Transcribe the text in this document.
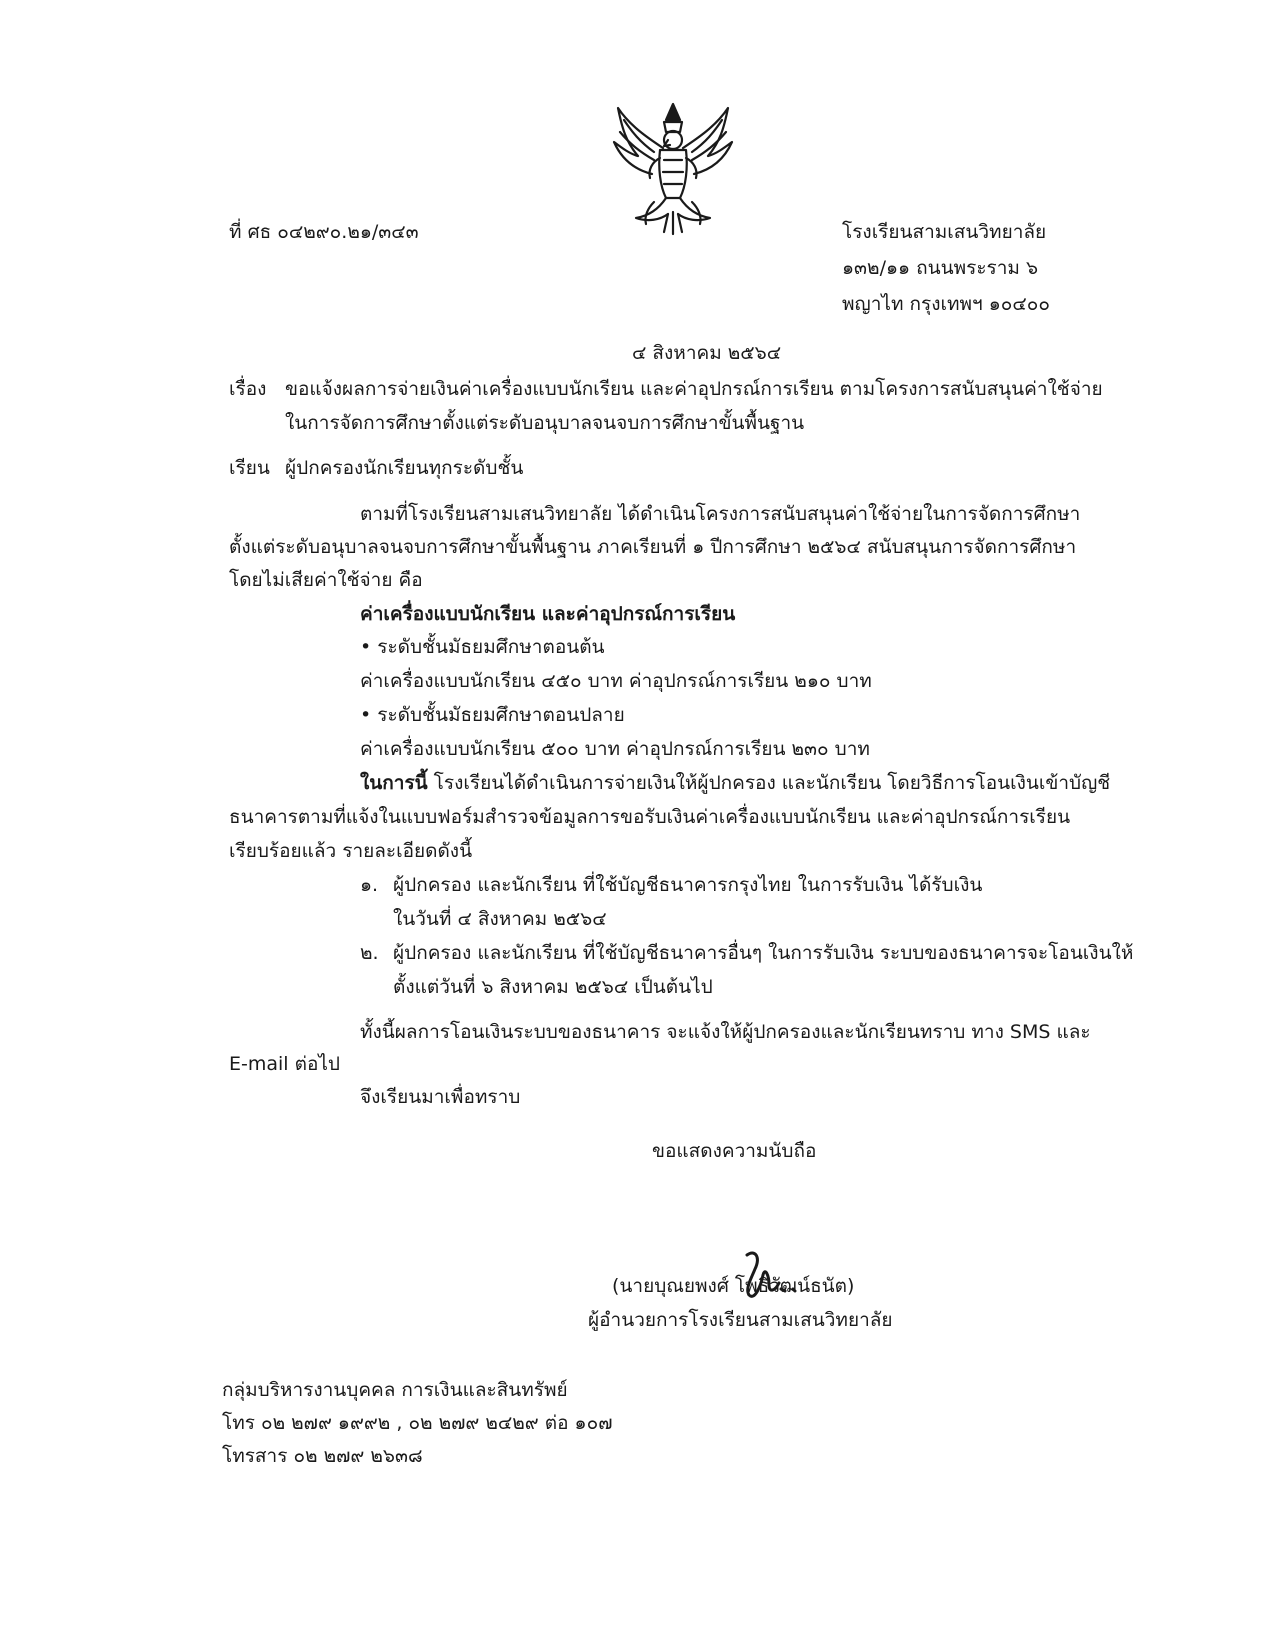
ที่ ศธ ๐๔๒๙๐.๒๑/๓๔๓	โรงเรียนสามเสนวิทยาลัย
๑๓๒/๑๑ ถนนพระราม ๖
พญาไท กรุงเทพฯ ๑๐๔๐๐
๔ สิงหาคม ๒๕๖๔
เรื่อง ขอแจ้งผลการจ่ายเงินค่าเครื่องแบบนักเรียน และค่าอุปกรณ์การเรียน ตามโครงการสนับสนุนค่าใช้จ่าย
ในการจัดการศึกษาตั้งแต่ระดับอนุบาลจนจบการศึกษาขั้นพื้นฐาน
เรียน ผู้ปกครองนักเรียนทุกระดับชั้น
ตามที่โรงเรียนสามเสนวิทยาลัย ได้ดำเนินโครงการสนับสนุนค่าใช้จ่ายในการจัดการศึกษา
ตั้งแต่ระดับอนุบาลจนจบการศึกษาขั้นพื้นฐาน ภาคเรียนที่ ๑ ปีการศึกษา ๒๕๖๔ สนับสนุนการจัดการศึกษา
โดยไม่เสียค่าใช้จ่าย คือ
ค่าเครื่องแบบนักเรียน และค่าอุปกรณ์การเรียน
• ระดับชั้นมัธยมศึกษาตอนต้น
ค่าเครื่องแบบนักเรียน ๔๕๐ บาท ค่าอุปกรณ์การเรียน ๒๑๐ บาท
• ระดับชั้นมัธยมศึกษาตอนปลาย
ค่าเครื่องแบบนักเรียน ๕๐๐ บาท ค่าอุปกรณ์การเรียน ๒๓๐ บาท
ในการนี้ โรงเรียนได้ดำเนินการจ่ายเงินให้ผู้ปกครอง และนักเรียน โดยวิธีการโอนเงินเข้าบัญชี
ธนาคารตามที่แจ้งในแบบฟอร์มสำรวจข้อมูลการขอรับเงินค่าเครื่องแบบนักเรียน และค่าอุปกรณ์การเรียน
เรียบร้อยแล้ว รายละเอียดดังนี้
๑. ผู้ปกครอง และนักเรียน ที่ใช้บัญชีธนาคารกรุงไทย ในการรับเงิน ได้รับเงิน
ในวันที่ ๔ สิงหาคม ๒๕๖๔
๒. ผู้ปกครอง และนักเรียน ที่ใช้บัญชีธนาคารอื่นๆ ในการรับเงิน ระบบของธนาคารจะโอนเงินให้
ตั้งแต่วันที่ ๖ สิงหาคม ๒๕๖๔ เป็นต้นไป
ทั้งนี้ผลการโอนเงินระบบของธนาคาร จะแจ้งให้ผู้ปกครองและนักเรียนทราบ ทาง SMS และ
E-mail ต่อไป
จึงเรียนมาเพื่อทราบ
ขอแสดงความนับถือ
(นายบุณยพงศ์ โพธิวัฒน์ธนัต)
ผู้อำนวยการโรงเรียนสามเสนวิทยาลัย
กลุ่มบริหารงานบุคคล การเงินและสินทรัพย์
โทร ๐๒ ๒๗๙ ๑๙๙๒ , ๐๒ ๒๗๙ ๒๔๒๙ ต่อ ๑๐๗
โทรสาร ๐๒ ๒๗๙ ๒๖๓๘
